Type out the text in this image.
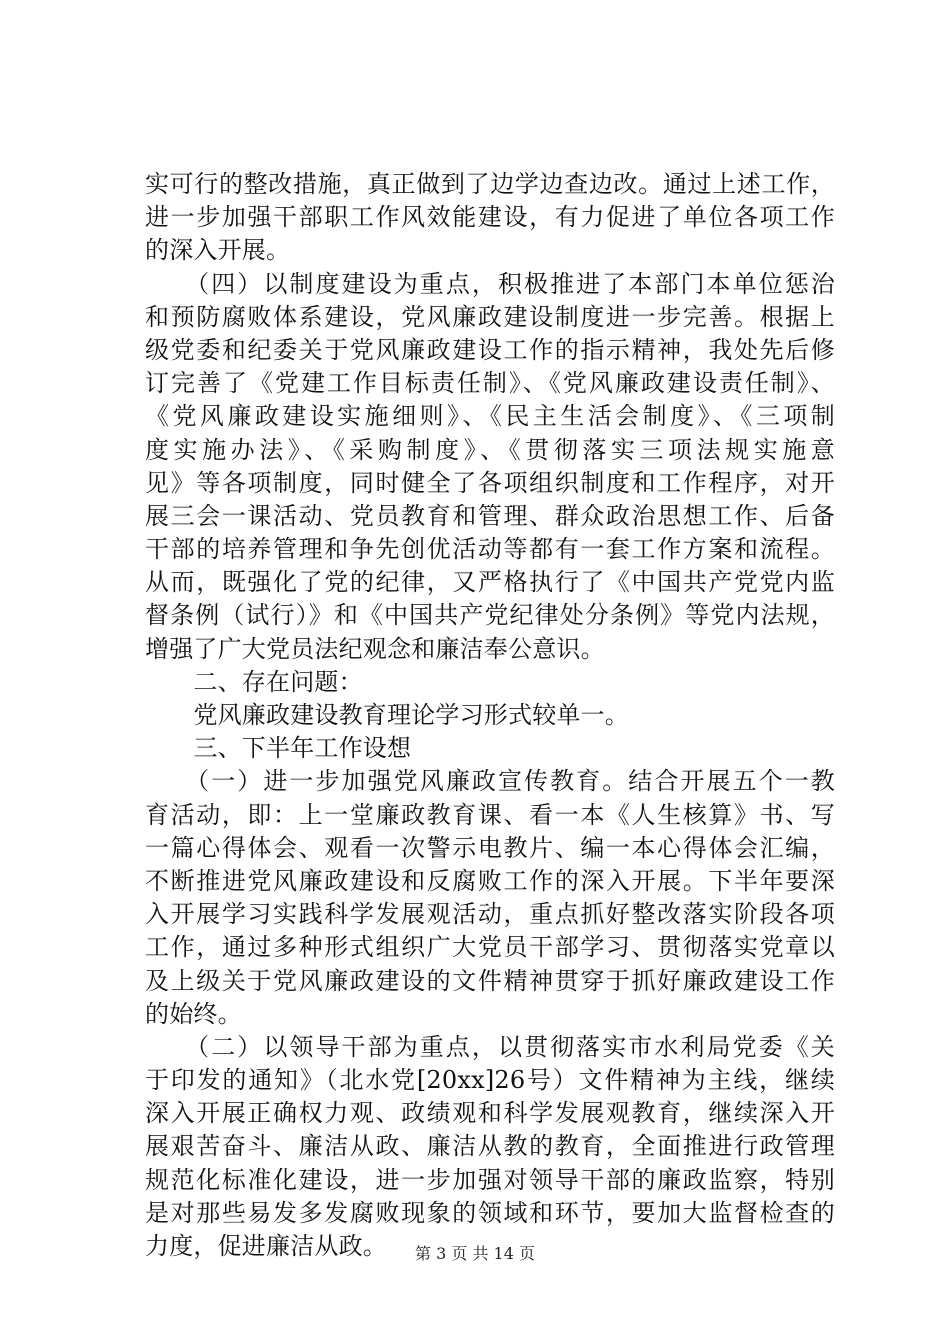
实可行的整改措施，真正做到了边学边查边改。通过上述工作，
进一步加强干部职工作风效能建设，有力促进了单位各项工作
的深入开展。
　　（四）以制度建设为重点，积极推进了本部门本单位惩治
和预防腐败体系建设，党风廉政建设制度进一步完善。根据上
级党委和纪委关于党风廉政建设工作的指示精神，我处先后修
订完善了《党建工作目标责任制》、《党风廉政建设责任制》、
《党风廉政建设实施细则》、《民主生活会制度》、《三项制
度实施办法》、《采购制度》、《贯彻落实三项法规实施意
见》等各项制度，同时健全了各项组织制度和工作程序，对开
展三会一课活动、党员教育和管理、群众政治思想工作、后备
干部的培养管理和争先创优活动等都有一套工作方案和流程。
从而，既强化了党的纪律，又严格执行了《中国共产党党内监
督条例（试行）》和《中国共产党纪律处分条例》等党内法规，
增强了广大党员法纪观念和廉洁奉公意识。
　　二、存在问题：
　　党风廉政建设教育理论学习形式较单一。
　　三、下半年工作设想
　　（一）进一步加强党风廉政宣传教育。结合开展五个一教
育活动，即：上一堂廉政教育课、看一本《人生核算》书、写
一篇心得体会、观看一次警示电教片、编一本心得体会汇编，
不断推进党风廉政建设和反腐败工作的深入开展。下半年要深
入开展学习实践科学发展观活动，重点抓好整改落实阶段各项
工作，通过多种形式组织广大党员干部学习、贯彻落实党章以
及上级关于党风廉政建设的文件精神贯穿于抓好廉政建设工作
的始终。
　　（二）以领导干部为重点，以贯彻落实市水利局党委《关
于印发的通知》（北水党[20xx]26号）文件精神为主线，继续
深入开展正确权力观、政绩观和科学发展观教育，继续深入开
展艰苦奋斗、廉洁从政、廉洁从教的教育，全面推进行政管理
规范化标准化建设，进一步加强对领导干部的廉政监察，特别
是对那些易发多发腐败现象的领域和环节，要加大监督检查的
力度，促进廉洁从政。	第 3 页 共 14 页
